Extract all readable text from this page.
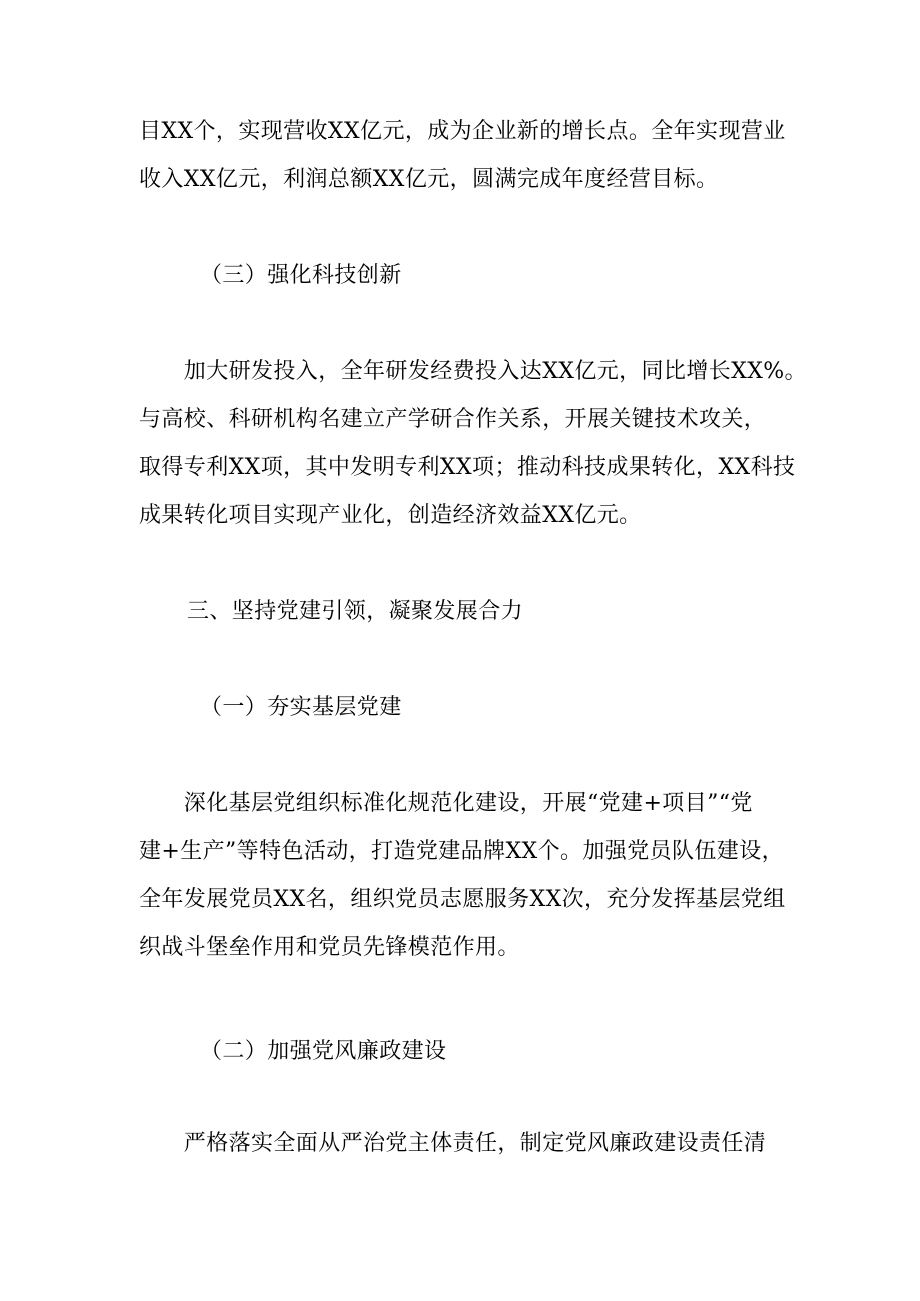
目XX个，实现营收XX亿元，成为企业新的增长点。全年实现营业
收入XX亿元，利润总额XX亿元，圆满完成年度经营目标。
（三）强化科技创新
　　加大研发投入，全年研发经费投入达XX亿元，同比增长XX%。
与高校、科研机构名建立产学研合作关系，开展关键技术攻关，
取得专利XX项，其中发明专利XX项；推动科技成果转化，XX科技
成果转化项目实现产业化，创造经济效益XX亿元。
三、坚持党建引领，凝聚发展合力
（一）夯实基层党建
　　深化基层党组织标准化规范化建设，开展“党建+项目”“党
建+生产”等特色活动，打造党建品牌XX个。加强党员队伍建设，
全年发展党员XX名，组织党员志愿服务XX次，充分发挥基层党组
织战斗堡垒作用和党员先锋模范作用。
（二）加强党风廉政建设
　　严格落实全面从严治党主体责任，制定党风廉政建设责任清
